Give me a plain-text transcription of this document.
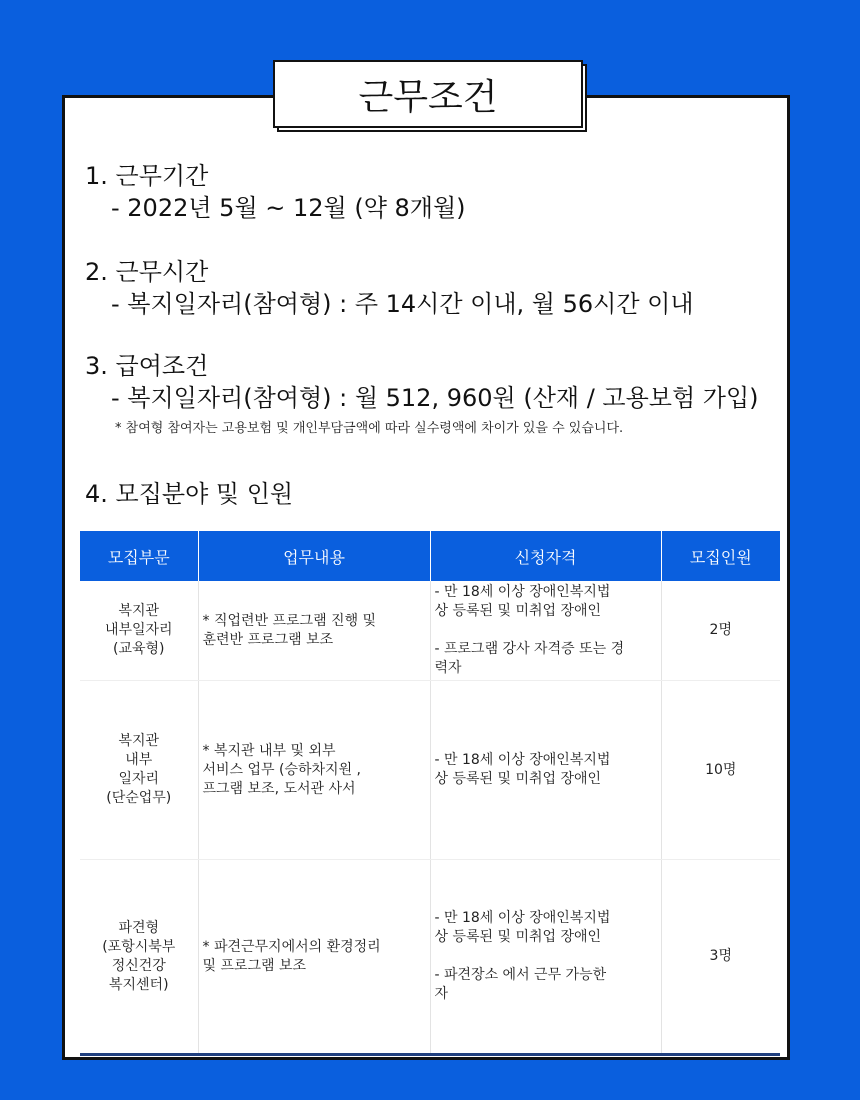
근무조건
1. 근무기간
- 2022년 5월 ~ 12월 (약 8개월)
2. 근무시간
- 복지일자리(참여형) : 주 14시간 이내, 월 56시간 이내
3. 급여조건
- 복지일자리(참여형) : 월 512, 960원 (산재 / 고용보험 가입)
* 참여형 참여자는 고용보험 및 개인부담금액에 따라 실수령액에 차이가 있을 수 있습니다.
4. 모집분야 및 인원
모집부문	업무내용	신청자격	모집인원
복지관
내부일자리
(교육형)	* 직업련반 프로그램 진행 및
훈련반 프로그램 보조	- 만 18세 이상 장애인복지법
상 등록된 및 미취업 장애인

- 프로그램 강사 자격증 또는 경
력자	2명
복지관
내부
일자리
(단순업무)	* 복지관 내부 및 외부
서비스 업무 (승하차지원 ,
프그램 보조, 도서관 사서	- 만 18세 이상 장애인복지법
상 등록된 및 미취업 장애인	10명
파견형
(포항시북부
정신건강
복지센터)	* 파견근무지에서의 환경정리
및 프로그램 보조	- 만 18세 이상 장애인복지법
상 등록된 및 미취업 장애인

- 파견장소 에서 근무 가능한
자	3명
